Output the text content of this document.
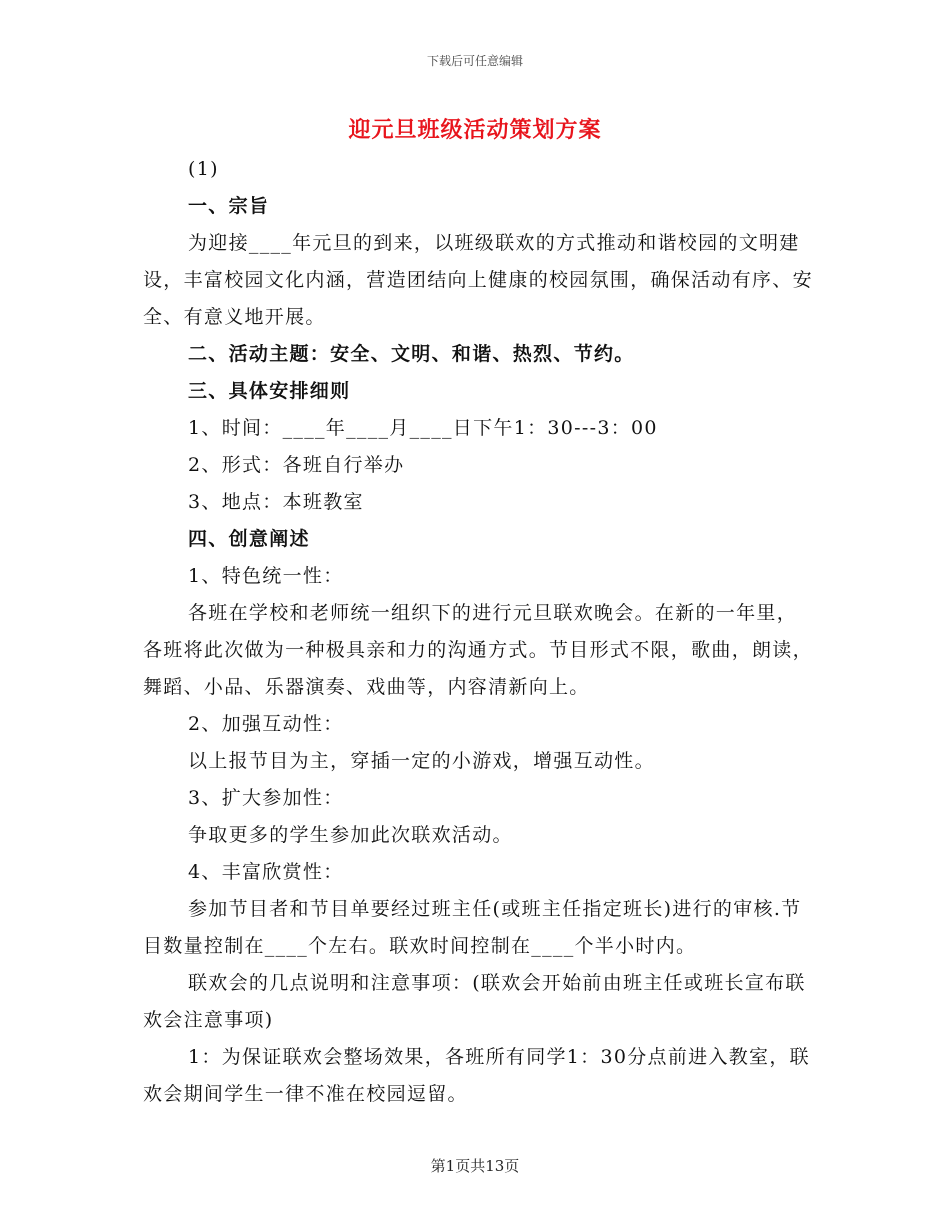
下载后可任意编辑
迎元旦班级活动策划方案

(1)

一、宗旨

为迎接____年元旦的到来，以班级联欢的方式推动和谐校园的文明建设，丰富校园文化内涵，营造团结向上健康的校园氛围，确保活动有序、安全、有意义地开展。

二、活动主题：安全、文明、和谐、热烈、节约。

三、具体安排细则

1、时间：____年____月____日下午1：30---3：00

2、形式：各班自行举办

3、地点：本班教室

四、创意阐述

1、特色统一性：

各班在学校和老师统一组织下的进行元旦联欢晚会。在新的一年里，各班将此次做为一种极具亲和力的沟通方式。节目形式不限，歌曲，朗读，舞蹈、小品、乐器演奏、戏曲等，内容清新向上。

2、加强互动性：

以上报节目为主，穿插一定的小游戏，增强互动性。

3、扩大参加性：

争取更多的学生参加此次联欢活动。

4、丰富欣赏性：

参加节目者和节目单要经过班主任(或班主任指定班长)进行的审核.节目数量控制在____个左右。联欢时间控制在____个半小时内。

联欢会的几点说明和注意事项：(联欢会开始前由班主任或班长宣布联欢会注意事项)

1：为保证联欢会整场效果，各班所有同学1：30分点前进入教室，联欢会期间学生一律不准在校园逗留。

第1页共13页
